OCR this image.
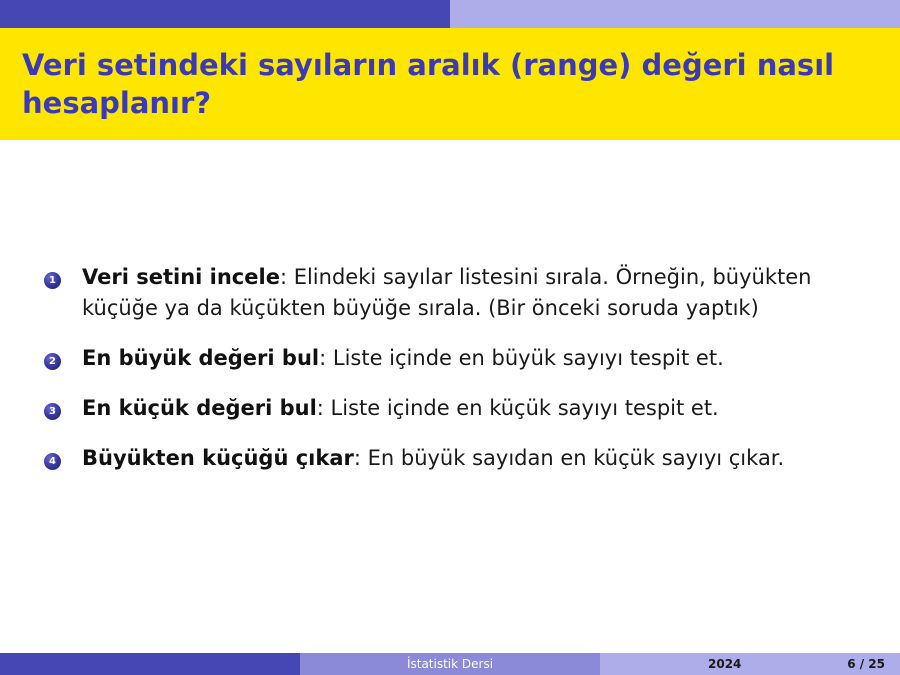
Veri setindeki sayıların aralık (range) değeri nasıl hesaplanır?
1 Veri setini incele: Elindeki sayılar listesini sırala. Örneğin, büyükten küçüğe ya da küçükten büyüğe sırala. (Bir önceki soruda yaptık)
2 En büyük değeri bul: Liste içinde en büyük sayıyı tespit et.
3 En küçük değeri bul: Liste içinde en küçük sayıyı tespit et.
4 Büyükten küçüğü çıkar: En büyük sayıdan en küçük sayıyı çıkar.
İstatistik Dersi	2024	6 / 25
